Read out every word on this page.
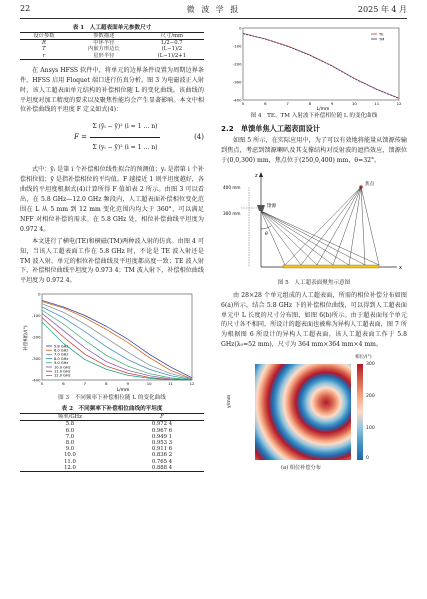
22	微 波 学 报	2025 年 4 月
表 1　人工超表面单元参数尺寸
设计参数	参数描述	尺寸/mm
R	中环半径	L/2−0.7
T	内嵌方形边长	(L−1)/2
r	星形半径	(L−1)/2+1

在 Ansys HFSS 软件中，将单元的边界条件设置为周期边界条件，HFSS 启用 Floquet 端口进行仿真分析。图 3 为电磁波正入射时，该人工超表面单元结构的补偿相位随 L 的变化曲线。该曲线的平坦度对加工精度的要求以及聚焦性能均会产生显著影响。本文中相位补偿曲线的平坦度 F 定义如式(4)：

$F = \frac{\text{Σ (ȳᵢ − ȳ)² (i = 1 … n)}}{\text{Σ (yᵢ − ȳ)² (i = 1 … n)}}$	(4)

式中：ȳᵢ 是第 i 个补偿相位线性拟合的预测值；yᵢ 是指第 i 个补偿相位值；ȳ 是指补偿相位的平均值。F 越接近 1 则平坦度越好，各曲线的平坦度根据式(4)计算所得 F 值如表 2 所示。由图 3 可以看出，在 5.8 GHz—12.0 GHz 频段内，人工超表面补偿相位变化范围在 L 从 5 mm 到 12 mm 变化范围内均大于 360°，可以满足 NFF 对相位补偿的需求。在 5.8 GHz 处，相位补偿曲线平坦度为 0.972 4。

本文进行了横电(TE)和横磁(TM)两种波入射的仿真。由图 4 可知，当该人工超表面工作在 5.8 GHz 时，不论是 TE 波入射还是 TM 波入射，单元的相位补偿曲线及平坦度都高度一致；TE 波入射下，补偿相位曲线平坦度为 0.973 4；TM 波入射下，补偿相位曲线平坦度为 0.972 4。

5	6	7	8	9	10	11	12
0
-100
-200
-300
-400
补偿相位/(°)
L/mm
5.8 GHz
6.0 GHz
7.0 GHz
8.0 GHz
9.0 GHz
10.0 GHz
11.0 GHz
12.0 GHz
图 3　不同频率下补偿相位随 L 的变化曲线
表 2　不同频率下补偿相位曲线的平坦度
频率/GHz	F
5.8	0.972 4
6.0	0.967 6
7.0	0.949 1
8.0	0.953 3
9.0	0.911 6
10.0	0.836 2
11.0	0.765 4
12.0	0.888 4
5	6	7	8	9	10	11	12
0
-100
-200
-300
-400
L/mm
TE
TM
图 4　TE、TM 入射波下补偿相位随 L 的变化曲线
2.2　单馈单焦人工超表面设计

如图 5 所示，在实际应用中，为了可以有效地将能量从馈源传输到焦点，考虑到馈源喇叭及其支撑结构对反射波的遮挡效应，馈源位于(0,0,300) mm，焦点位于(250,0,400) mm，θ=32°。

z
x
馈源
焦点
400 mm
300 mm
θ
图 5　人工超表面聚焦示意图

由 28×28 个单元组成的人工超表面，所需的相位补偿分布如图 6(a)所示，结合 5.8 GHz 下的补偿相位曲线，可以得到人工超表面单元中 L 长度的尺寸分布图，如图 6(b)所示。由于超表面每个单元的尺寸各不相同，所设计的超表面也被称为异构人工超表面，图 7 所为根据图 6 所设计的异构人工超表面，该人工超表面工作于 5.8 GHz(λ₀=52 mm)，尺寸为 364 mm×364 mm×4 mm。

y/mm
相位/(°)
300
200
100
0
(a) 相位补偿分布
